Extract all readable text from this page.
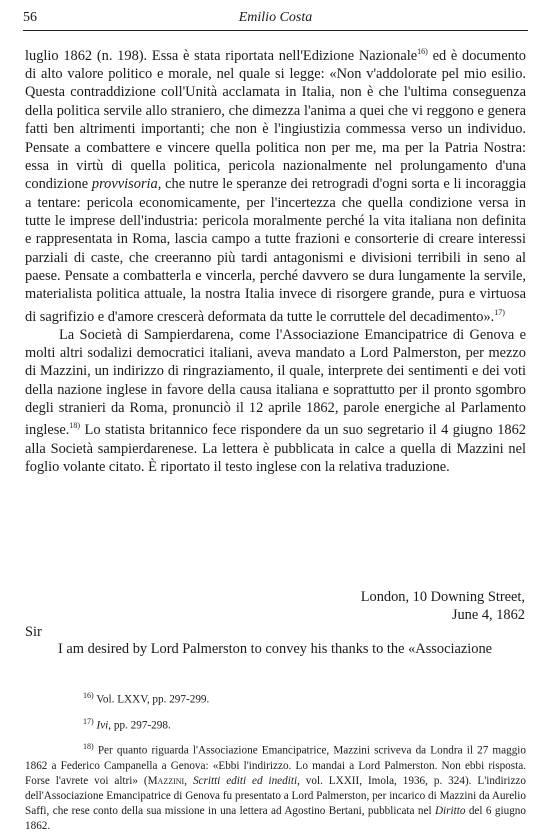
56	Emilio Costa

luglio 1862 (n. 198). Essa è stata riportata nell'Edizione Nazionale$^{16)}$ ed è documento di alto valore politico e morale, nel quale si legge: «Non v'addolorate pel mio esilio. Questa contraddizione coll'Unità acclamata in Italia, non è che l'ultima conseguenza della politica servile allo straniero, che dimezza l'anima a quei che vi reggono e genera fatti ben altrimenti importanti; che non è l'ingiustizia commessa verso un individuo. Pensate a combattere e vincere quella politica non per me, ma per la Patria Nostra: essa in virtù di quella politica, pericola nazionalmente nel prolungamento d'una condizione provvisoria, che nutre le speranze dei retrogradi d'ogni sorta e li incoraggia a tentare: pericola economicamente, per l'incertezza che quella condizione versa in tutte le imprese dell'industria: pericola moralmente perché la vita italiana non definita e rappresentata in Roma, lascia campo a tutte frazioni e consorterie di creare interessi parziali di caste, che creeranno più tardi antagonismi e divisioni terribili in seno al paese. Pensate a combatterla e vincerla, perché davvero se dura lungamente la servile, materialista politica attuale, la nostra Italia invece di risorgere grande, pura e virtuosa di sagrifizio e d'amore crescerà deformata da tutte le corruttele del decadimento».$^{17)}$

La Società di Sampierdarena, come l'Associazione Emancipatrice di Genova e molti altri sodalizi democratici italiani, aveva mandato a Lord Palmerston, per mezzo di Mazzini, un indirizzo di ringraziamento, il quale, interprete dei sentimenti e dei voti della nazione inglese in favore della causa italiana e soprattutto per il pronto sgombro degli stranieri da Roma, pronunciò il 12 aprile 1862, parole energiche al Parlamento inglese.$^{18)}$ Lo statista britannico fece rispondere da un suo segretario il 4 giugno 1862 alla Società sampierdarenese. La lettera è pubblicata in calce a quella di Mazzini nel foglio volante citato. È riportato il testo inglese con la relativa traduzione.

London, 10 Downing Street,
June 4, 1862
Sir
I am desired by Lord Palmerston to convey his thanks to the «Associazione

$^{16)}$ Vol. LXXV, pp. 297-299.

$^{17)}$ Ivi, pp. 297-298.

$^{18)}$ Per quanto riguarda l'Associazione Emancipatrice, Mazzini scriveva da Londra il 27 maggio 1862 a Federico Campanella a Genova: «Ebbi l'indirizzo. Lo mandai a Lord Palmerston. Non ebbi risposta. Forse l'avrete voi altri» (Mazzini, Scritti editi ed inediti, vol. LXXII, Imola, 1936, p. 324). L'indirizzo dell'Associazione Emancipatrice di Genova fu presentato a Lord Palmerston, per incarico di Mazzini da Aurelio Saffi, che rese conto della sua missione in una lettera ad Agostino Bertani, pubblicata nel Diritto del 6 giugno 1862.
